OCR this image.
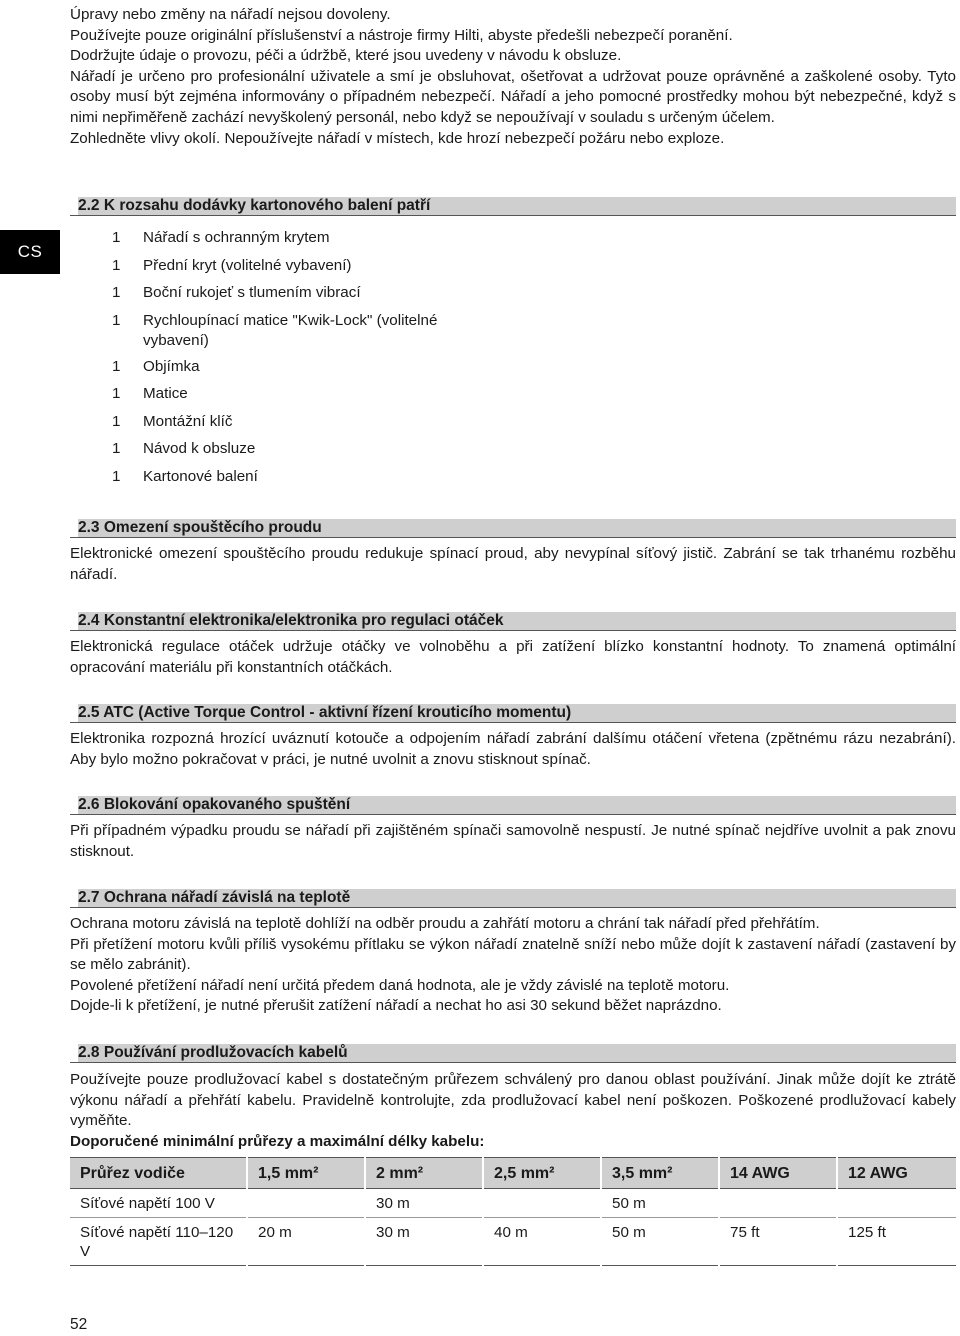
Úpravy nebo změny na nářadí nejsou dovoleny.

Používejte pouze originální příslušenství a nástroje firmy Hilti, abyste předešli nebezpečí poranění.

Dodržujte údaje o provozu, péči a údržbě, které jsou uvedeny v návodu k obsluze.

Nářadí je určeno pro profesionální uživatele a smí je obsluhovat, ošetřovat a udržovat pouze oprávněné a zaškolené osoby. Tyto osoby musí být zejména informovány o případném nebezpečí. Nářadí a jeho pomocné prostředky mohou být nebezpečné, když s nimi nepřiměřeně zachází nevyškolený personál, nebo když se nepoužívají v souladu s určeným účelem.

Zohledněte vlivy okolí. Nepoužívejte nářadí v místech, kde hrozí nebezpečí požáru nebo exploze.

CS
2.2 K rozsahu dodávky kartonového balení patří
1 Nářadí s ochranným krytem
1 Přední kryt (volitelné vybavení)
1 Boční rukojeť s tlumením vibrací
1 Rychloupínací matice "Kwik-Lock" (volitelné vybavení)
1 Objímka
1 Matice
1 Montážní klíč
1 Návod k obsluze
1 Kartonové balení
2.3 Omezení spouštěcího proudu

Elektronické omezení spouštěcího proudu redukuje spínací proud, aby nevypínal síťový jistič. Zabrání se tak trhanému rozběhu nářadí.

2.4 Konstantní elektronika/elektronika pro regulaci otáček

Elektronická regulace otáček udržuje otáčky ve volnoběhu a při zatížení blízko konstantní hodnoty. To znamená optimální opracování materiálu při konstantních otáčkách.

2.5 ATC (Active Torque Control - aktivní řízení krouticího momentu)

Elektronika rozpozná hrozící uváznutí kotouče a odpojením nářadí zabrání dalšímu otáčení vřetena (zpětnému rázu nezabrání). Aby bylo možno pokračovat v práci, je nutné uvolnit a znovu stisknout spínač.

2.6 Blokování opakovaného spuštění

Při případném výpadku proudu se nářadí při zajištěném spínači samovolně nespustí. Je nutné spínač nejdříve uvolnit a pak znovu stisknout.

2.7 Ochrana nářadí závislá na teplotě

Ochrana motoru závislá na teplotě dohlíží na odběr proudu a zahřátí motoru a chrání tak nářadí před přehřátím.

Při přetížení motoru kvůli příliš vysokému přítlaku se výkon nářadí znatelně sníží nebo může dojít k zastavení nářadí (zastavení by se mělo zabránit).

Povolené přetížení nářadí není určitá předem daná hodnota, ale je vždy závislé na teplotě motoru.

Dojde-li k přetížení, je nutné přerušit zatížení nářadí a nechat ho asi 30 sekund běžet naprázdno.

2.8 Používání prodlužovacích kabelů

Používejte pouze prodlužovací kabel s dostatečným průřezem schválený pro danou oblast používání. Jinak může dojít ke ztrátě výkonu nářadí a přehřátí kabelu. Pravidelně kontrolujte, zda prodlužovací kabel není poškozen. Poškozené prodlužovací kabely vyměňte.

Doporučené minimální průřezy a maximální délky kabelu:

Průřez vodiče	1,5 mm²	2 mm²	2,5 mm²	3,5 mm²	14 AWG	12 AWG
Síťové napětí 100 V		30 m		50 m		
Síťové napětí 110–120 V	20 m	30 m	40 m	50 m	75 ft	125 ft
52
